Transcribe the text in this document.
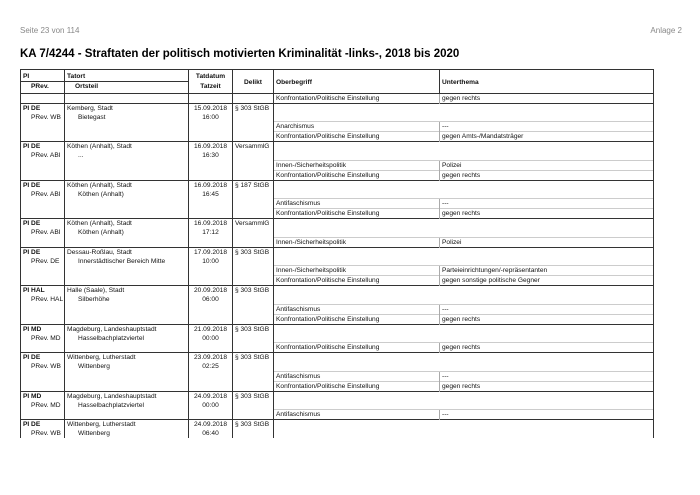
Seite 23 von 114	Anlage 2
KA 7/4244 - Straftaten der politisch motivierten Kriminalität -links-, 2018 bis 2020
PI	Tatort	Tatdatum	Delikt	Oberbegriff	Unterthema
PRev.	Ortsteil	Tatzeit			
				Konfrontation/Politische Einstellung	gegen rechts
PI DE	Kemberg, Stadt	15.09.2018	§ 303 StGB		
PRev. WB	Bietegast	16:00			
				Anarchismus	---
				Konfrontation/Politische Einstellung	gegen Amts-/Mandatsträger
PI DE	Köthen (Anhalt), Stadt	16.09.2018	VersammlG		
PRev. ABI	...	16:30			
				Innen-/Sicherheitspolitik	Polizei
				Konfrontation/Politische Einstellung	gegen rechts
PI DE	Köthen (Anhalt), Stadt	16.09.2018	§ 187 StGB		
PRev. ABI	Köthen (Anhalt)	16:45			
				Antifaschismus	---
				Konfrontation/Politische Einstellung	gegen rechts
PI DE	Köthen (Anhalt), Stadt	16.09.2018	VersammlG		
PRev. ABI	Köthen (Anhalt)	17:12			
				Innen-/Sicherheitspolitik	Polizei
PI DE	Dessau-Roßlau, Stadt	17.09.2018	§ 303 StGB		
PRev. DE	Innerstädtischer Bereich Mitte	10:00			
				Innen-/Sicherheitspolitik	Parteieinrichtungen/-repräsentanten
				Konfrontation/Politische Einstellung	gegen sonstige politische Gegner
PI HAL	Halle (Saale), Stadt	20.09.2018	§ 303 StGB		
PRev. HAL	Silberhöhe	06:00			
				Antifaschismus	---
				Konfrontation/Politische Einstellung	gegen rechts
PI MD	Magdeburg, Landeshauptstadt	21.09.2018	§ 303 StGB		
PRev. MD	Hasselbachplatzviertel	00:00			
				Konfrontation/Politische Einstellung	gegen rechts
PI DE	Wittenberg, Lutherstadt	23.09.2018	§ 303 StGB		
PRev. WB	Wittenberg	02:25			
				Antifaschismus	---
				Konfrontation/Politische Einstellung	gegen rechts
PI MD	Magdeburg, Landeshauptstadt	24.09.2018	§ 303 StGB		
PRev. MD	Hasselbachplatzviertel	00:00			
				Antifaschismus	---
PI DE	Wittenberg, Lutherstadt	24.09.2018	§ 303 StGB		
PRev. WB	Wittenberg	06:40			
